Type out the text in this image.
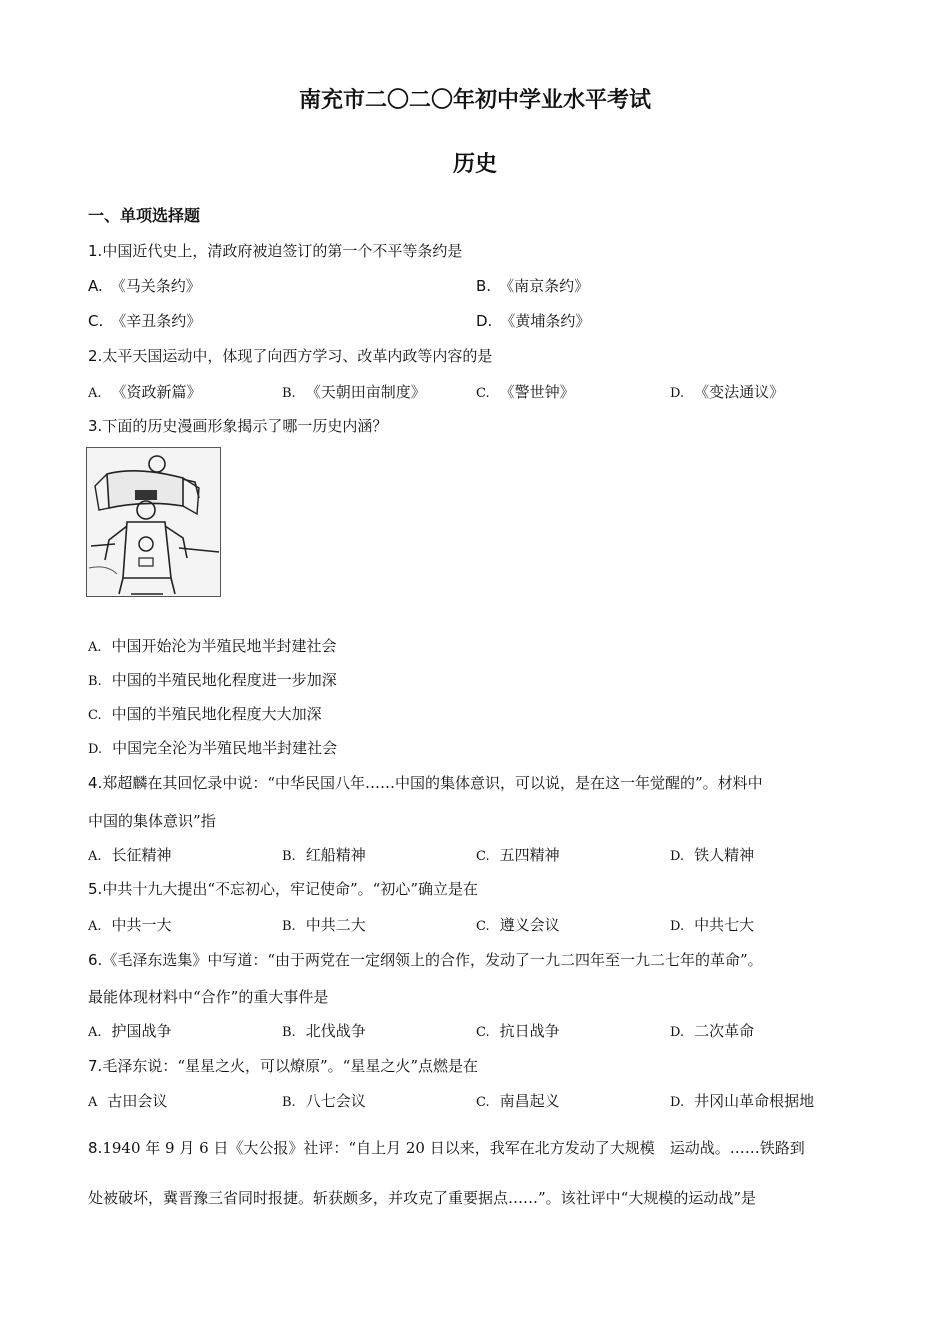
南充市二〇二〇年初中学业水平考试
历史
一、单项选择题
1.中国近代史上，清政府被迫签订的第一个不平等条约是
A. 《马关条约》	B. 《南京条约》
C. 《辛丑条约》	D. 《黄埔条约》
2.太平天国运动中，体现了向西方学习、改革内政等内容的是
A. 《资政新篇》	B. 《天朝田亩制度》	C. 《警世钟》	D. 《变法通议》
3.下面的历史漫画形象揭示了哪一历史内涵？
A. 中国开始沦为半殖民地半封建社会
B. 中国的半殖民地化程度进一步加深
C. 中国的半殖民地化程度大大加深
D. 中国完全沦为半殖民地半封建社会
4.郑超麟在其回忆录中说：“中华民国八年……中国的集体意识，可以说，是在这一年觉醒的”。材料中
中国的集体意识”指
A. 长征精神	B. 红船精神	C. 五四精神	D. 铁人精神
5.中共十九大提出“不忘初心，牢记使命”。“初心”确立是在
A. 中共一大	B. 中共二大	C. 遵义会议	D. 中共七大
6.《毛泽东选集》中写道：“由于两党在一定纲领上的合作，发动了一九二四年至一九二七年的革命”。
最能体现材料中“合作”的重大事件是
A. 护国战争	B. 北伐战争	C. 抗日战争	D. 二次革命
7.毛泽东说：“星星之火，可以燎原”。“星星之火”点燃是在
A 古田会议	B. 八七会议	C. 南昌起义	D. 井冈山革命根据地
8.1940 年 9 月 6 日《大公报》社评：“自上月 20 日以来，我军在北方发动了大规模　运动战。……铁路到
处被破坏，冀晋豫三省同时报捷。斩获颇多，并攻克了重要据点……”。该社评中“大规模的运动战”是
